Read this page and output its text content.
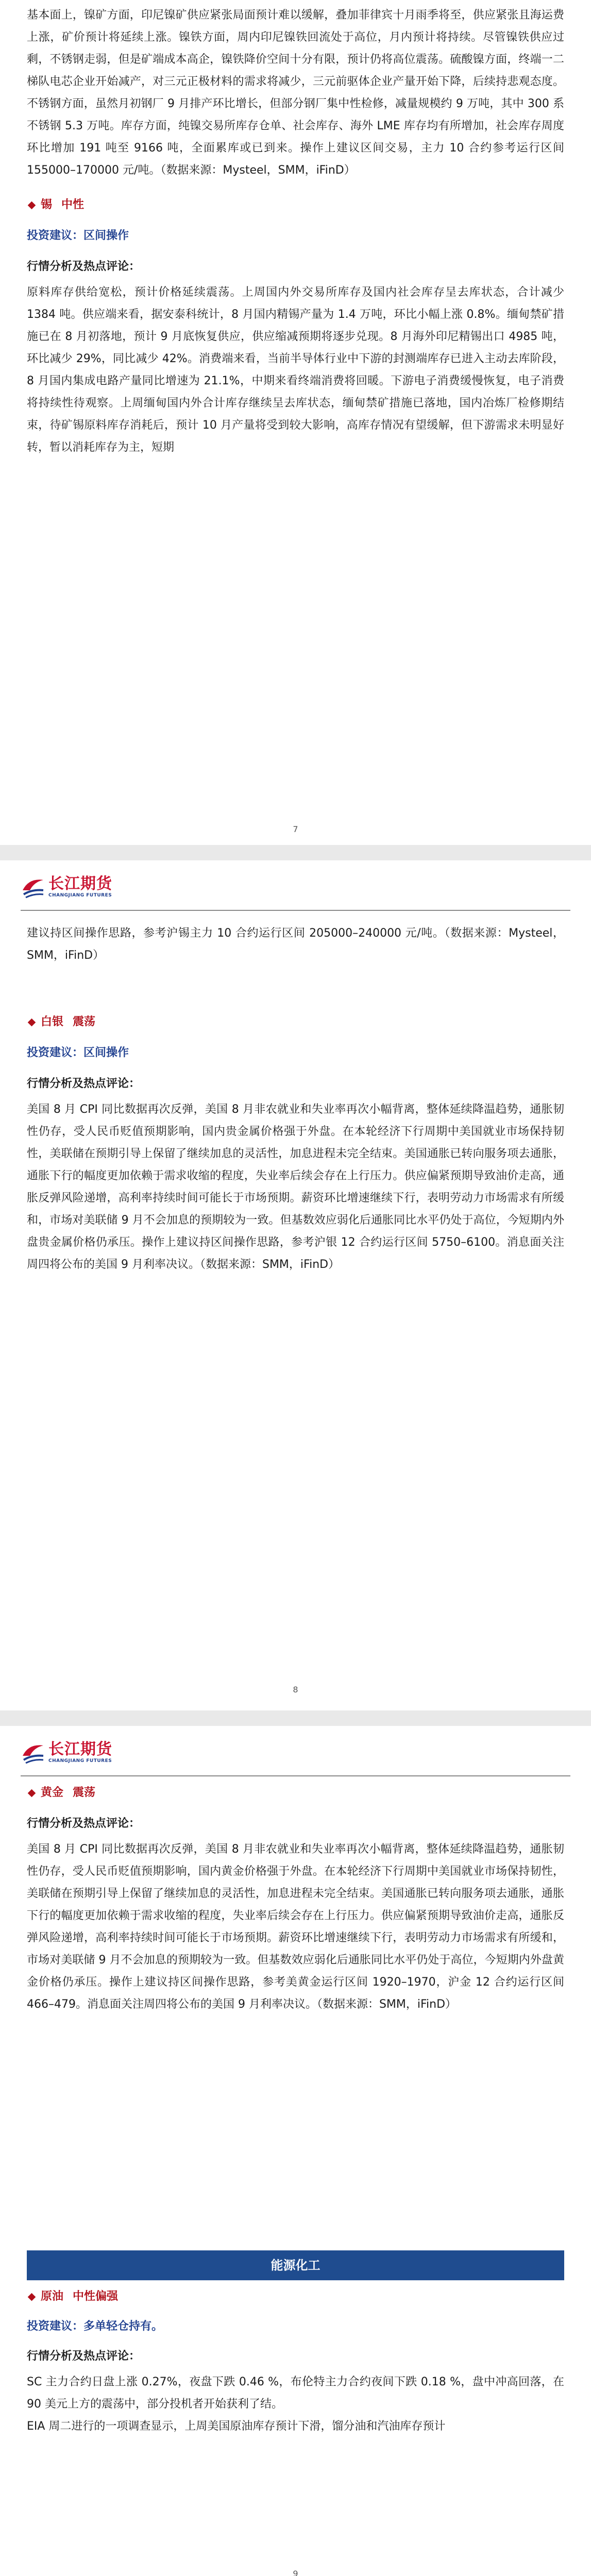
基本面上，镍矿方面，印尼镍矿供应紧张局面预计难以缓解，叠加菲律宾十月雨季将至，供应紧张且海运费上涨，矿价预计将延续上涨。镍铁方面，周内印尼镍铁回流处于高位，月内预计将持续。尽管镍铁供应过剩，不锈钢走弱，但是矿端成本高企，镍铁降价空间十分有限，预计仍将高位震荡。硫酸镍方面，终端一二梯队电芯企业开始减产，对三元正极材料的需求将减少，三元前驱体企业产量开始下降，后续持悲观态度。不锈钢方面，虽然月初钢厂 9 月排产环比增长，但部分钢厂集中性检修，减量规模约 9 万吨，其中 300 系不锈钢 5.3 万吨。库存方面，纯镍交易所库存仓单、社会库存、海外 LME 库存均有所增加，社会库存周度环比增加 191 吨至 9166 吨，全面累库或已到来。操作上建议区间交易，主力 10 合约参考运行区间 155000–170000 元/吨。（数据来源：Mysteel，SMM，iFinD）

锡 中性

投资建议：区间操作

行情分析及热点评论：

原料库存供给宽松，预计价格延续震荡。上周国内外交易所库存及国内社会库存呈去库状态，合计减少 1384 吨。供应端来看，据安泰科统计，8 月国内精锡产量为 1.4 万吨，环比小幅上涨 0.8%。缅甸禁矿措施已在 8 月初落地，预计 9 月底恢复供应，供应缩减预期将逐步兑现。8 月海外印尼精锡出口 4985 吨，环比减少 29%，同比减少 42%。消费端来看，当前半导体行业中下游的封测端库存已进入主动去库阶段，8 月国内集成电路产量同比增速为 21.1%，中期来看终端消费将回暖。下游电子消费缓慢恢复，电子消费将持续性待观察。上周缅甸国内外合计库存继续呈去库状态，缅甸禁矿措施已落地，国内冶炼厂检修期结束，待矿锡原料库存消耗后，预计 10 月产量将受到较大影响，高库存情况有望缓解，但下游需求未明显好转，暂以消耗库存为主，短期

7
长江期货
CHANGJIANG FUTURES

建议持区间操作思路，参考沪锡主力 10 合约运行区间 205000–240000 元/吨。（数据来源：Mysteel，SMM，iFinD）

白银 震荡

投资建议：区间操作

行情分析及热点评论：

美国 8 月 CPI 同比数据再次反弹，美国 8 月非农就业和失业率再次小幅背离，整体延续降温趋势，通胀韧性仍存，受人民币贬值预期影响，国内贵金属价格强于外盘。在本轮经济下行周期中美国就业市场保持韧性，美联储在预期引导上保留了继续加息的灵活性，加息进程未完全结束。美国通胀已转向服务项去通胀，通胀下行的幅度更加依赖于需求收缩的程度，失业率后续会存在上行压力。供应偏紧预期导致油价走高，通胀反弹风险递增，高利率持续时间可能长于市场预期。薪资环比增速继续下行，表明劳动力市场需求有所缓和，市场对美联储 9 月不会加息的预期较为一致。但基数效应弱化后通胀同比水平仍处于高位，今短期内外盘贵金属价格仍承压。操作上建议持区间操作思路，参考沪银 12 合约运行区间 5750–6100。消息面关注周四将公布的美国 9 月利率决议。（数据来源：SMM，iFinD）

8
长江期货
CHANGJIANG FUTURES

黄金 震荡

行情分析及热点评论：

美国 8 月 CPI 同比数据再次反弹，美国 8 月非农就业和失业率再次小幅背离，整体延续降温趋势，通胀韧性仍存，受人民币贬值预期影响，国内黄金价格强于外盘。在本轮经济下行周期中美国就业市场保持韧性，美联储在预期引导上保留了继续加息的灵活性，加息进程未完全结束。美国通胀已转向服务项去通胀，通胀下行的幅度更加依赖于需求收缩的程度，失业率后续会存在上行压力。供应偏紧预期导致油价走高，通胀反弹风险递增，高利率持续时间可能长于市场预期。薪资环比增速继续下行，表明劳动力市场需求有所缓和，市场对美联储 9 月不会加息的预期较为一致。但基数效应弱化后通胀同比水平仍处于高位，今短期内外盘黄金价格仍承压。操作上建议持区间操作思路，参考美黄金运行区间 1920–1970，沪金 12 合约运行区间 466–479。消息面关注周四将公布的美国 9 月利率决议。（数据来源：SMM，iFinD）

能源化工

原油 中性偏强

投资建议：多单轻仓持有。

行情分析及热点评论：

SC 主力合约日盘上涨 0.27%，夜盘下跌 0.46 %，布伦特主力合约夜间下跌 0.18 %，盘中冲高回落，在 90 美元上方的震荡中，部分投机者开始获利了结。

EIA 周二进行的一项调查显示，上周美国原油库存预计下滑，馏分油和汽油库存预计

9
